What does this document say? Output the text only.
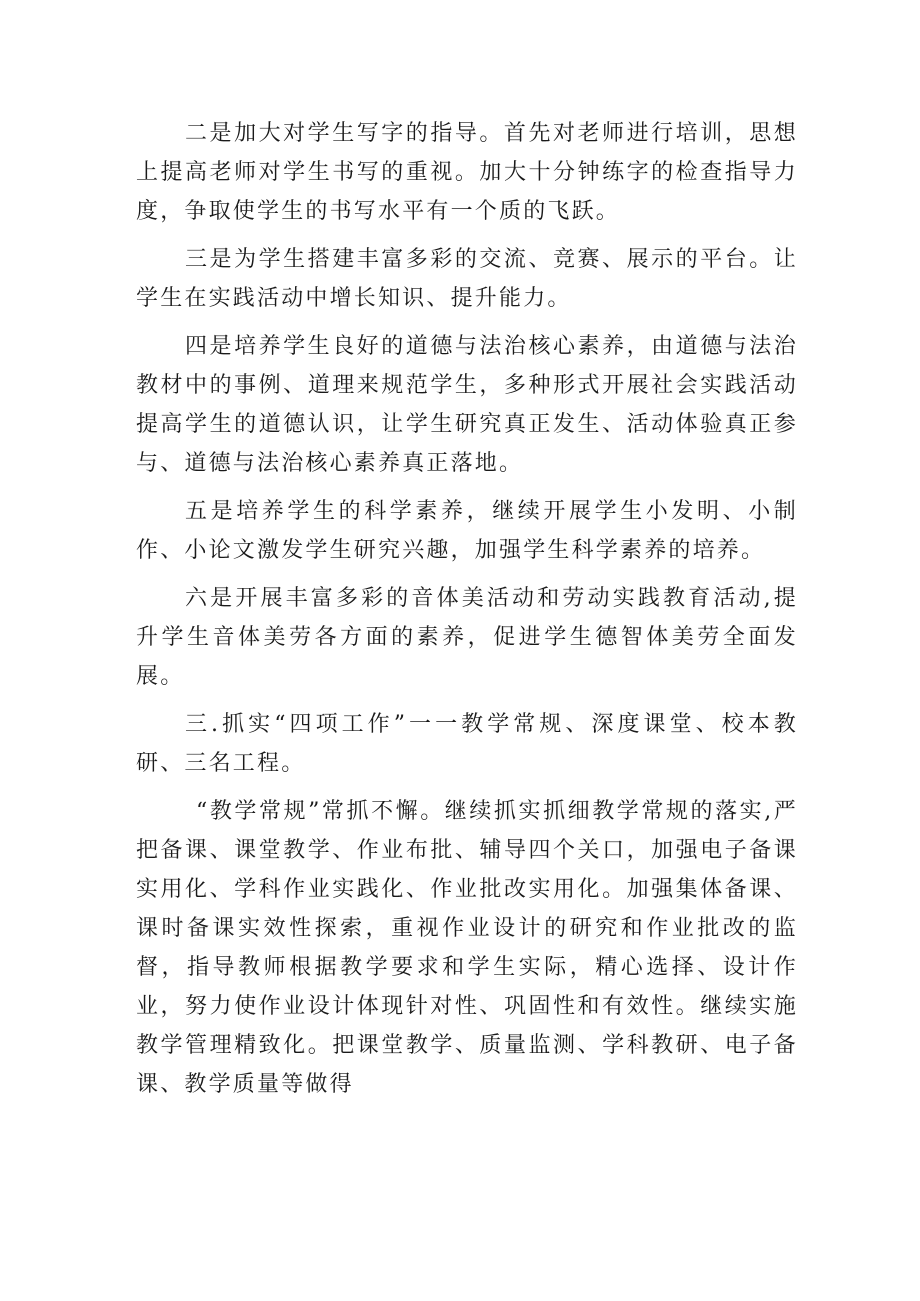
二是加大对学生写字的指导。首先对老师进行培训，思想上提高老师对学生书写的重视。加大十分钟练字的检查指导力度，争取使学生的书写水平有一个质的飞跃。

三是为学生搭建丰富多彩的交流、竞赛、展示的平台。让学生在实践活动中增长知识、提升能力。

四是培养学生良好的道德与法治核心素养，由道德与法治教材中的事例、道理来规范学生，多种形式开展社会实践活动提高学生的道德认识，让学生研究真正发生、活动体验真正参与、道德与法治核心素养真正落地。

五是培养学生的科学素养，继续开展学生小发明、小制作、小论文激发学生研究兴趣，加强学生科学素养的培养。

六是开展丰富多彩的音体美活动和劳动实践教育活动,提升学生音体美劳各方面的素养，促进学生德智体美劳全面发展。

三.抓实“四项工作”一一教学常规、深度课堂、校本教研、三名工程。

“教学常规”常抓不懈。继续抓实抓细教学常规的落实,严把备课、课堂教学、作业布批、辅导四个关口，加强电子备课实用化、学科作业实践化、作业批改实用化。加强集体备课、课时备课实效性探索，重视作业设计的研究和作业批改的监督，指导教师根据教学要求和学生实际，精心选择、设计作业，努力使作业设计体现针对性、巩固性和有效性。继续实施教学管理精致化。把课堂教学、质量监测、学科教研、电子备课、教学质量等做得
